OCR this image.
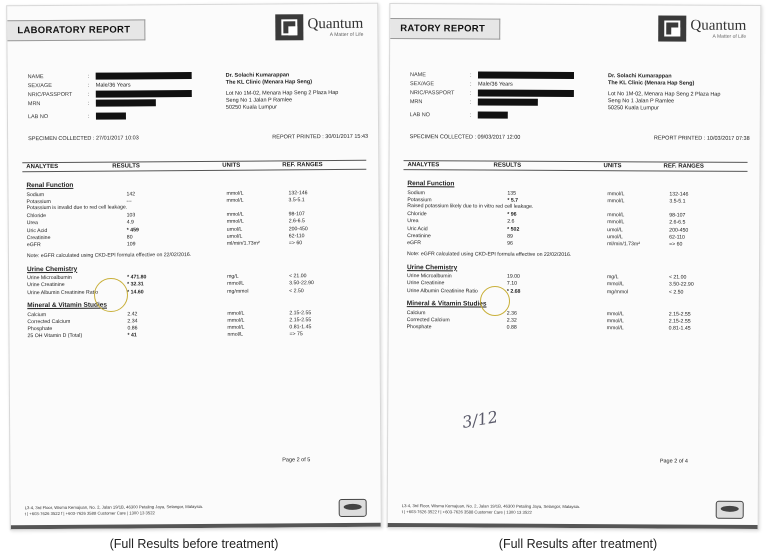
LABORATORY REPORT	Quantum
A Matter of Life
NAME	:
SEX/AGE	:	Male/36 Years
NRIC/PASSPORT	:
MRN	:
LAB NO	:
Dr. Solachi Kumarappan
The KL Clinic (Menara Hap Seng)
Lot No 1M-02, Menara Hap Seng 2 Plaza Hap
Seng No 1 Jalan P Ramlee
50250 Kuala Lumpur
SPECIMEN COLLECTED : 27/01/2017 10:03	REPORT PRINTED : 30/01/2017 15:43
ANALYTES	RESULTS	UNITS	REF. RANGES
Renal Function
Sodium	142	mmol/L	132-146
Potassium	---	mmol/L	3.5-5.1
Potassium is invalid due to red cell leakage.
Chloride	103	mmol/L	98-107
Urea	4.9	mmol/L	2.6-6.5
Uric Acid	* 459	umol/L	200-450
Creatinine	80	umol/L	62-110
eGFR	109	ml/min/1.73m²	=> 60
Note: eGFR calculated using CKD-EPI formula effective on 22/02/2016.
Urine Chemistry
Urine Microalbumin	* 471.80	mg/L	< 21.00
Urine Creatinine	* 32.31	mmol/L	3.50-22.90
Urine Albumin Creatinine Ratio	* 14.60	mg/mmol	< 2.50
Mineral & Vitamin Studies
Calcium	2.42	mmol/L	2.15-2.55
Corrected Calcium	2.34	mmol/L	2.15-2.55
Phosphate	0.86	mmol/L	0.81-1.45
25 OH Vitamin D (Total)	* 41	nmol/L	=> 75
Page 2 of 5
L3-4, 3rd Floor, Wisma Kemajuan, No. 2, Jalan 19/1B, 46300 Petaling Jaya, Selangor, Malaysia.
t | +603-7626 3522 f | +603-7626 3588 Customer Care | 1300 13 3522
RATORY REPORT	Quantum
A Matter of Life
NAME	:
SEX/AGE	:	Male/36 Years
NRIC/PASSPORT	:
MRN	:
LAB NO	:
Dr. Solachi Kumarappan
The KL Clinic (Menara Hap Seng)
Lot No 1M-02, Menara Hap Seng 2 Plaza Hap
Seng No 1 Jalan P Ramlee
50250 Kuala Lumpur
SPECIMEN COLLECTED : 09/03/2017 12:00	REPORT PRINTED : 10/03/2017 07:38
ANALYTES	RESULTS	UNITS	REF. RANGES
Renal Function
Sodium	135	mmol/L	132-146
Potassium	* 5.7	mmol/L	3.5-5.1
Raised potassium likely due to in vitro red cell leakage.
Chloride	* 96	mmol/L	98-107
Urea	2.6	mmol/L	2.6-6.5
Uric Acid	* 502	umol/L	200-450
Creatinine	89	umol/L	62-110
eGFR	96	ml/min/1.73m²	=> 60
Note: eGFR calculated using CKD-EPI formula effective on 22/02/2016.
Urine Chemistry
Urine Microalbumin	19.00	mg/L	< 21.00
Urine Creatinine	7.10	mmol/L	3.50-22.90
Urine Albumin Creatinine Ratio	* 2.68	mg/mmol	< 2.50
Mineral & Vitamin Studies
Calcium	2.36	mmol/L	2.15-2.55
Corrected Calcium	2.32	mmol/L	2.15-2.55
Phosphate	0.88	mmol/L	0.81-1.45
Page 2 of 4
L3-4, 3rd Floor, Wisma Kemajuan, No. 2, Jalan 19/1B, 46300 Petaling Jaya, Selangor, Malaysia.
t | +603-7626 3522 f | +603-7626 3588 Customer Care | 1300 13 3522
3/12
(Full Results before treatment)	(Full Results after treatment)
